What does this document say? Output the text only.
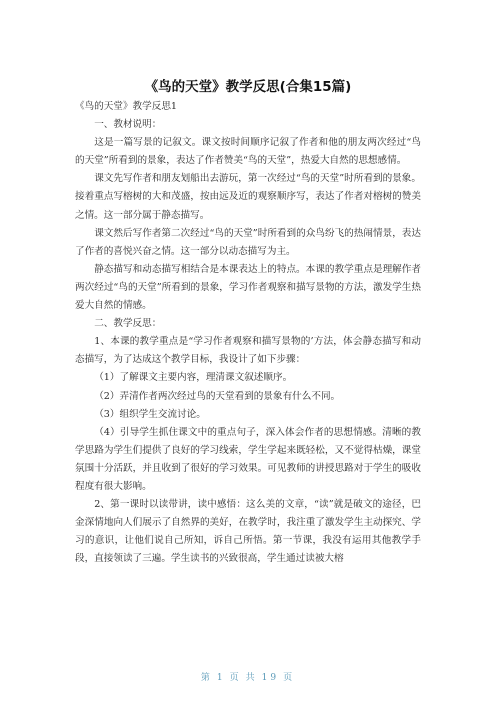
《鸟的天堂》教学反思(合集15篇)

《鸟的天堂》教学反思1

一、教材说明：

这是一篇写景的记叙文。课文按时间顺序记叙了作者和他的朋友两次经过“鸟的天堂”所看到的景象，表达了作者赞美“鸟的天堂”，热爱大自然的思想感情。

课文先写作者和朋友划船出去游玩，第一次经过“鸟的天堂”时所看到的景象。接着重点写榕树的大和茂盛，按由远及近的观察顺序写，表达了作者对榕树的赞美之情。这一部分属于静态描写。

课文然后写作者第二次经过“鸟的天堂”时所看到的众鸟纷飞的热闹情景，表达了作者的喜悦兴奋之情。这一部分以动态描写为主。

静态描写和动态描写相结合是本课表达上的特点。本课的教学重点是理解作者两次经过“鸟的天堂”所看到的景象，学习作者观察和描写景物的方法，激发学生热爱大自然的情感。

二、教学反思：

1、本课的教学重点是“学习作者观察和描写景物的’方法，体会静态描写和动态描写，为了达成这个教学目标，我设计了如下步骤：

（1）了解课文主要内容，理清课文叙述顺序。

（2）弄清作者两次经过鸟的天堂看到的景象有什么不同。

（3）组织学生交流讨论。

（4）引导学生抓住课文中的重点句子，深入体会作者的思想情感。清晰的教学思路为学生们提供了良好的学习线索，学生学起来既轻松，又不觉得枯燥，课堂氛围十分活跃，并且收到了很好的学习效果。可见教师的讲授思路对于学生的吸收程度有很大影响。

2、第一课时以读带讲，读中感悟：这么美的文章，“读”就是破文的途径，巴金深情地向人们展示了自然界的美好，在教学时，我注重了激发学生主动探究、学习的意识，让他们说自己所知，诉自己所悟。第一节课，我没有运用其他教学手段，直接领读了三遍。学生读书的兴致很高，学生通过读被大榕

第 1 页 共 19 页
